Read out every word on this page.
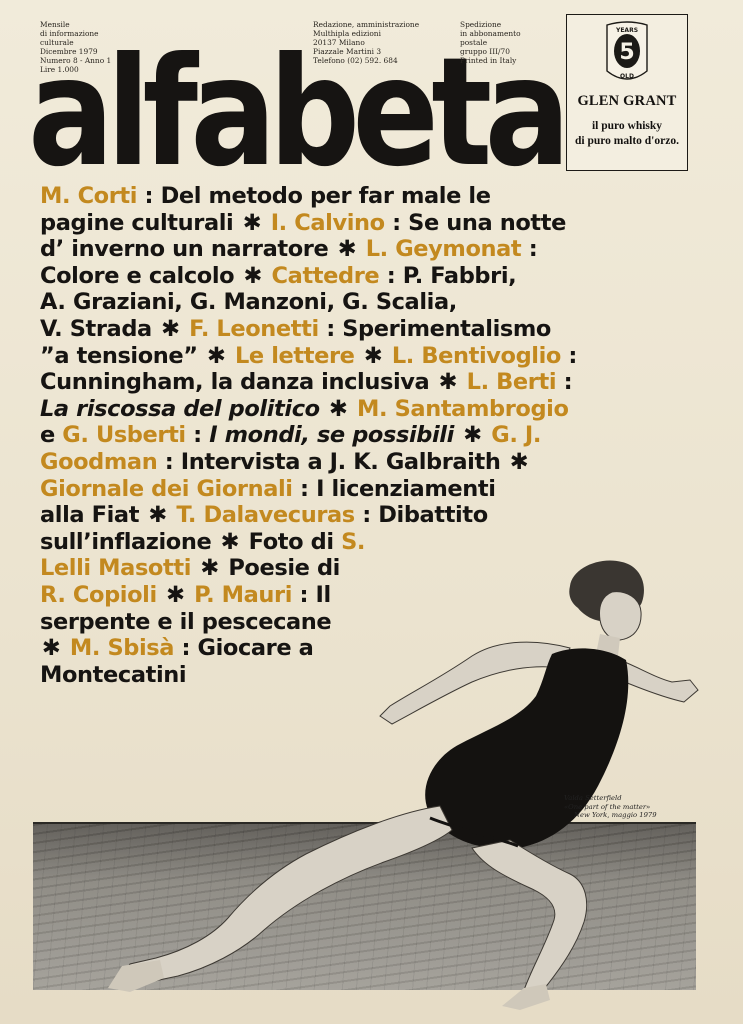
Mensile
di informazione
culturale
Dicembre 1979
Numero 8 - Anno 1
Lire 1.000
alfabeta
Redazione, amministrazione
Multhipla edizioni
20137 Milano
Piazzale Martini 3
Telefono (02) 592. 684
Spedizione
in abbonamento
postale
gruppo III/70
Printed in Italy
YEARS
5
OLD
GLEN GRANT
il puro whisky
di puro malto d'orzo.
M. Corti : Del metodo per far male le
pagine culturali ✱ I. Calvino : Se una notte
d’ inverno un narratore ✱ L. Geymonat :
Colore e calcolo ✱ Cattedre : P. Fabbri,
A. Graziani, G. Manzoni, G. Scalia,
V. Strada ✱ F. Leonetti : Sperimentalismo
”a tensione” ✱ Le lettere ✱ L. Bentivoglio :
Cunningham, la danza inclusiva ✱ L. Berti :
La riscossa del politico ✱ M. Santambrogio
e G. Usberti : I mondi, se possibili ✱ G. J.
Goodman : Intervista a J. K. Galbraith ✱
Giornale dei Giornali : I licenziamenti
alla Fiat ✱ T. Dalavecuras : Dibattito
sull’inflazione ✱ Foto di S.
Lelli Masotti ✱ Poesie di
R. Copioli ✱ P. Mauri : Il
serpente e il pescecane
✱ M. Sbisà : Giocare a
Montecatini
Valda Setterfield
«One part of the matter»
New York, maggio 1979
